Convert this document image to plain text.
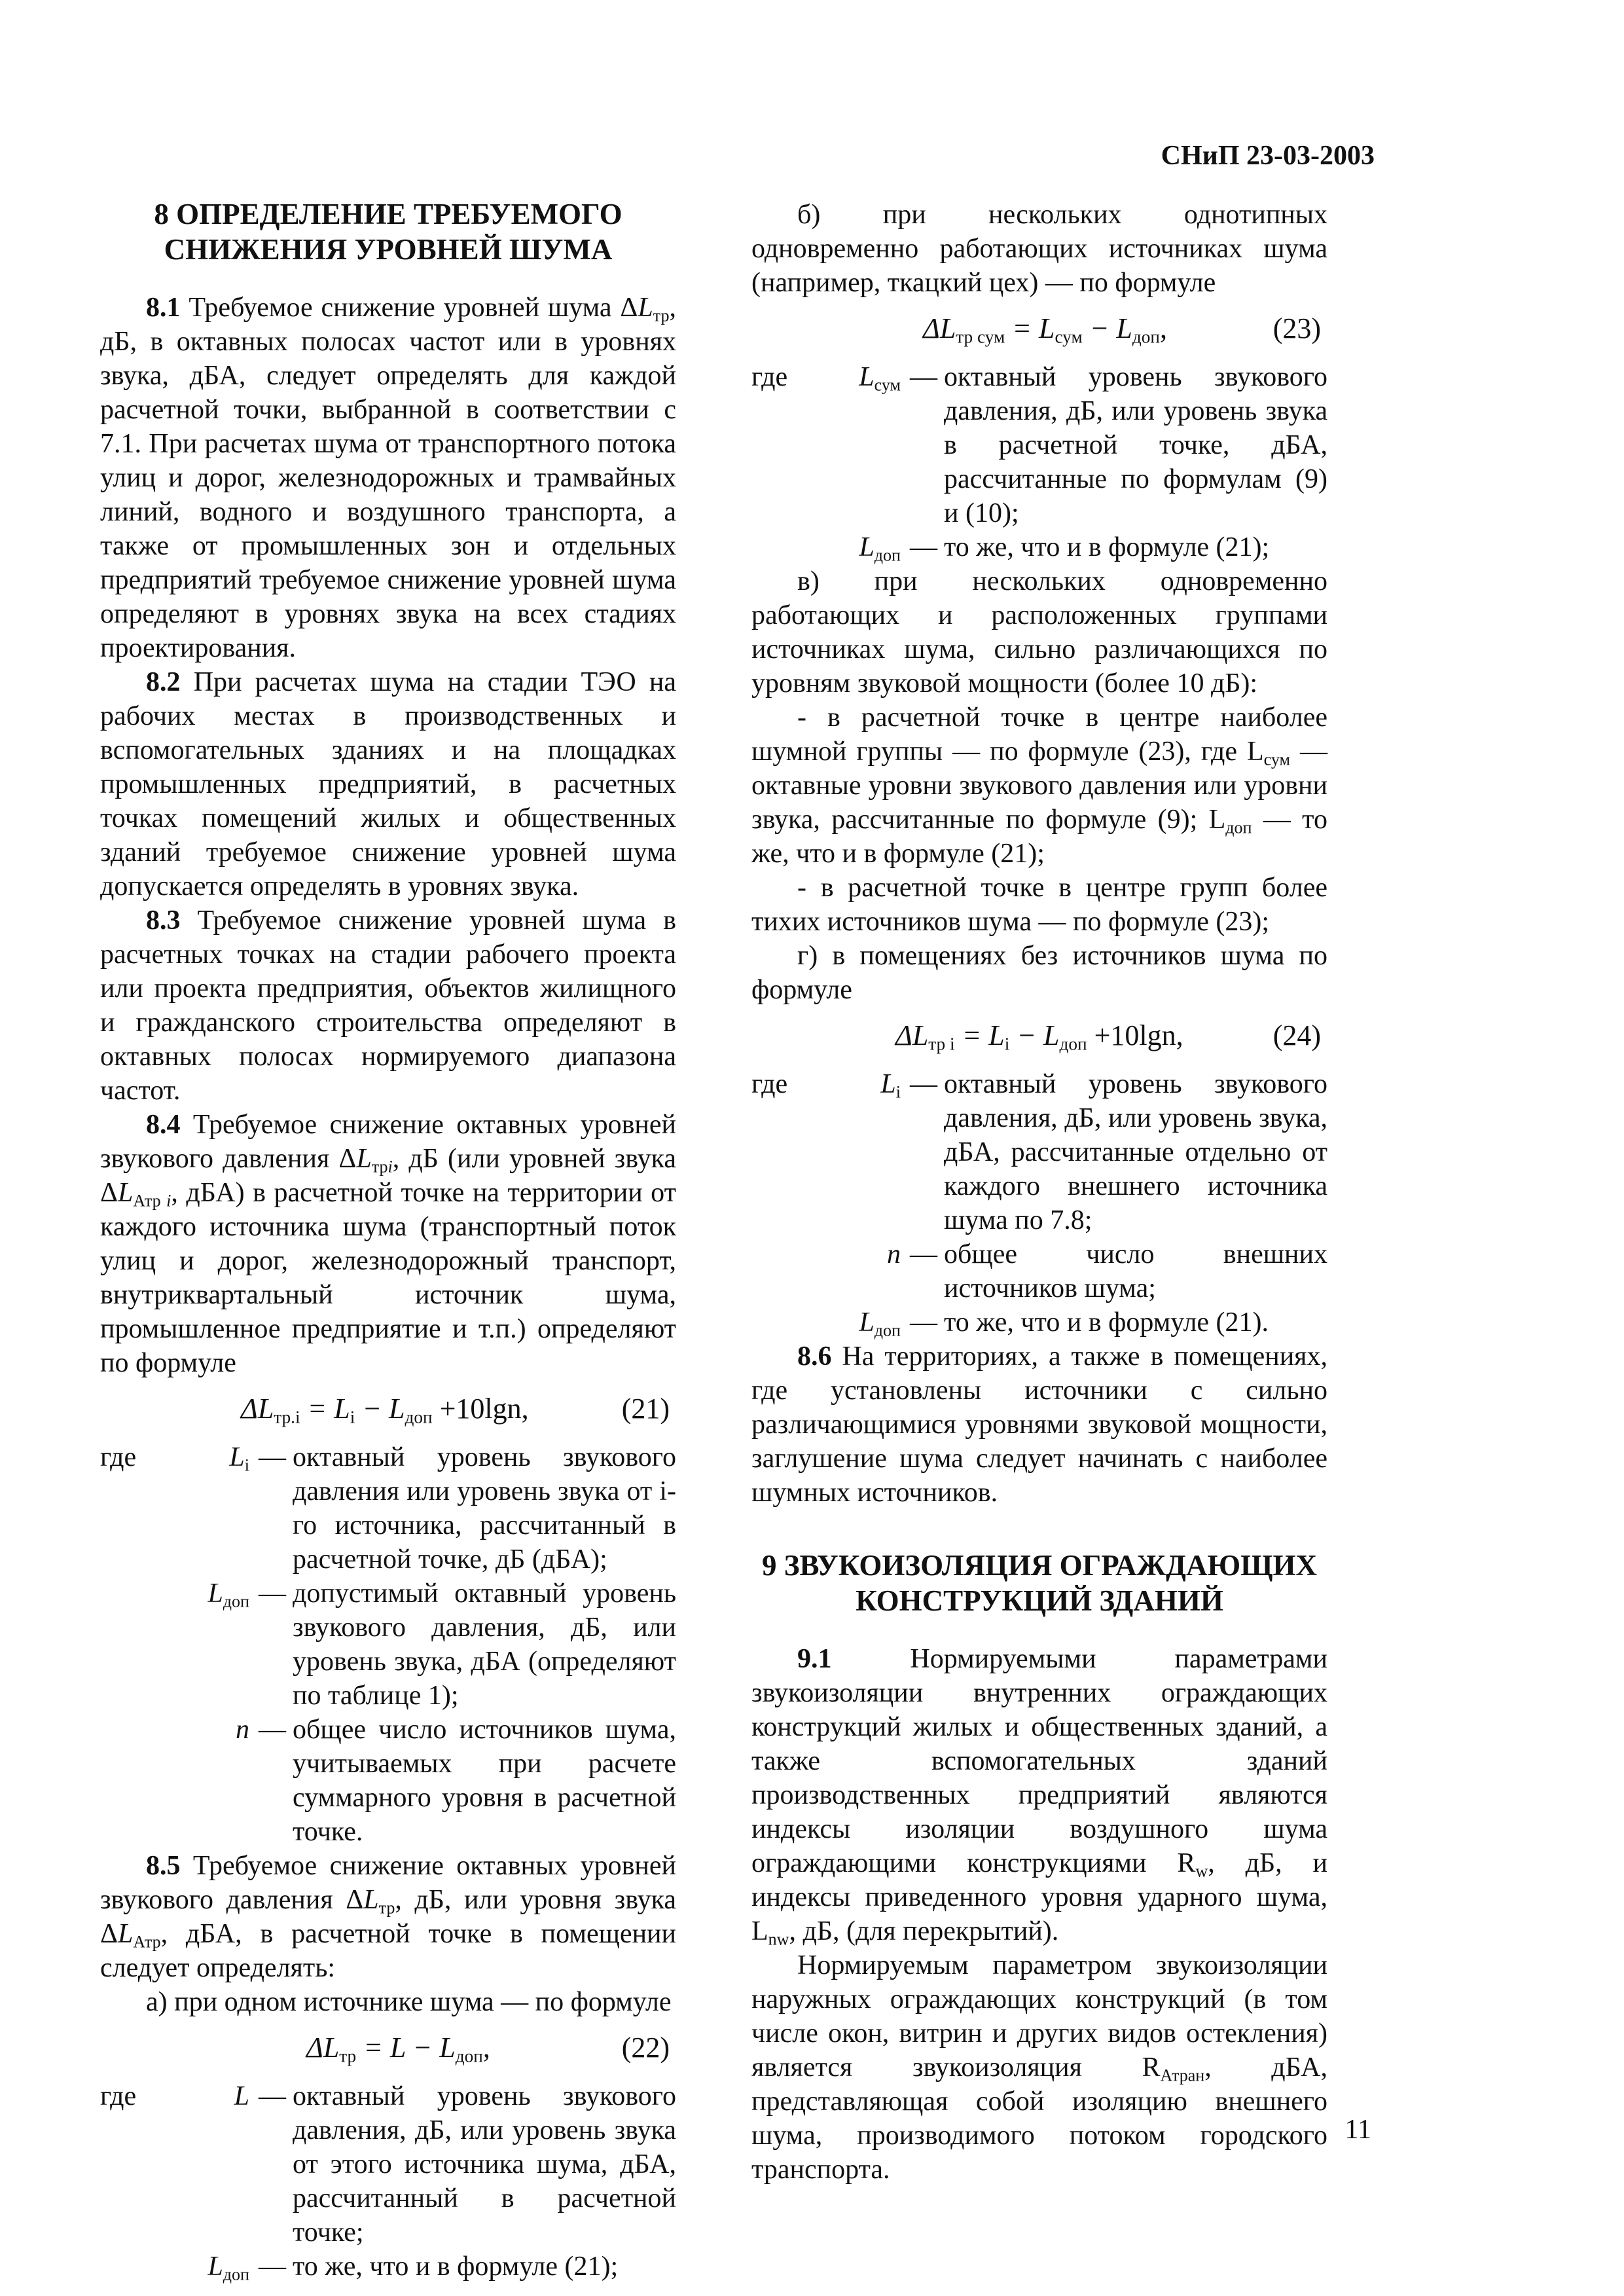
СНиП 23-03-2003
8 ОПРЕДЕЛЕНИЕ ТРЕБУЕМОГО
СНИЖЕНИЯ УРОВНЕЙ ШУМА

8.1 Требуемое снижение уровней шума $\Delta L_{тр}$, дБ, в октавных полосах частот или в уровнях звука, дБА, следует определять для каждой расчетной точки, выбранной в соответствии с 7.1. При расчетах шума от транспортного потока улиц и дорог, железнодорожных и трамвайных линий, водного и воздушного транспорта, а также от промышленных зон и отдельных предприятий требуемое снижение уровней шума определяют в уровнях звука на всех стадиях проектирования.

8.2 При расчетах шума на стадии ТЭО на рабочих местах в производственных и вспомогательных зданиях и на площадках промышленных предприятий, в расчетных точках помещений жилых и общественных зданий требуемое снижение уровней шума допускается определять в уровнях звука.

8.3 Требуемое снижение уровней шума в расчетных точках на стадии рабочего проекта или проекта предприятия, объектов жилищного и гражданского строительства определяют в октавных полосах нормируемого диапазона частот.

8.4 Требуемое снижение октавных уровней звукового давления $\Delta L_{трi}$, дБ (или уровней звука $\Delta L_{Атр i}$, дБА) в расчетной точке на территории от каждого источника шума (транспортный поток улиц и дорог, железнодорожный транспорт, внутриквартальный источник шума, промышленное предприятие и т.п.) определяют по формуле

$\Delta L_{тр.i} = L_i - L_{доп} +10\lg n$,	(21)
где	$L_i$ — октавный уровень звукового давления или уровень звука от i-го источника, рассчитанный в расчетной точке, дБ (дБА);
$L_{доп}$ — допустимый октавный уровень звукового давления, дБ, или уровень звука, дБА (определяют по таблице 1);
n — общее число источников шума, учитываемых при расчете суммарного уровня в расчетной точке.

8.5 Требуемое снижение октавных уровней звукового давления $\Delta L_{тр}$, дБ, или уровня звука $\Delta L_{Атр}$, дБА, в расчетной точке в помещении следует определять:

а) при одном источнике шума — по формуле

$\Delta L_{тр} = L - L_{доп}$,	(22)
где	L — октавный уровень звукового давления, дБ, или уровень звука от этого источника шума, дБА, рассчитанный в расчетной точке;
$L_{доп}$ — то же, что и в формуле (21);

б) при нескольких однотипных одновременно работающих источниках шума (например, ткацкий цех) — по формуле

$\Delta L_{тр сум} = L_{сум} - L_{доп}$,	(23)
где	$L_{сум}$ — октавный уровень звукового давления, дБ, или уровень звука в расчетной точке, дБА, рассчитанные по формулам (9) и (10);
$L_{доп}$ — то же, что и в формуле (21);

в) при нескольких одновременно работающих и расположенных группами источниках шума, сильно различающихся по уровням звуковой мощности (более 10 дБ):

- в расчетной точке в центре наиболее шумной группы — по формуле (23), где $L_{сум}$ — октавные уровни звукового давления или уровни звука, рассчитанные по формуле (9); $L_{доп}$ — то же, что и в формуле (21);

- в расчетной точке в центре групп более тихих источников шума — по формуле (23);

г) в помещениях без источников шума по формуле

$\Delta L_{тр i} = L_i - L_{доп} +10\lg n$,	(24)
где	$L_i$ — октавный уровень звукового давления, дБ, или уровень звука, дБА, рассчитанные отдельно от каждого внешнего источника шума по 7.8;
n — общее число внешних источников шума;
$L_{доп}$ — то же, что и в формуле (21).

8.6 На территориях, а также в помещениях, где установлены источники с сильно различающимися уровнями звуковой мощности, заглушение шума следует начинать с наиболее шумных источников.

9 ЗВУКОИЗОЛЯЦИЯ ОГРАЖДАЮЩИХ
КОНСТРУКЦИЙ ЗДАНИЙ

9.1 Нормируемыми параметрами звукоизоляции внутренних ограждающих конструкций жилых и общественных зданий, а также вспомогательных зданий производственных предприятий являются индексы изоляции воздушного шума ограждающими конструкциями $R_w$, дБ, и индексы приведенного уровня ударного шума, $L_{nw}$, дБ, (для перекрытий).

Нормируемым параметром звукоизоляции наружных ограждающих конструкций (в том числе окон, витрин и других видов остекления) является звукоизоляция $R_{Атран}$, дБА, представляющая собой изоляцию внешнего шума, производимого потоком городского транспорта.

11
